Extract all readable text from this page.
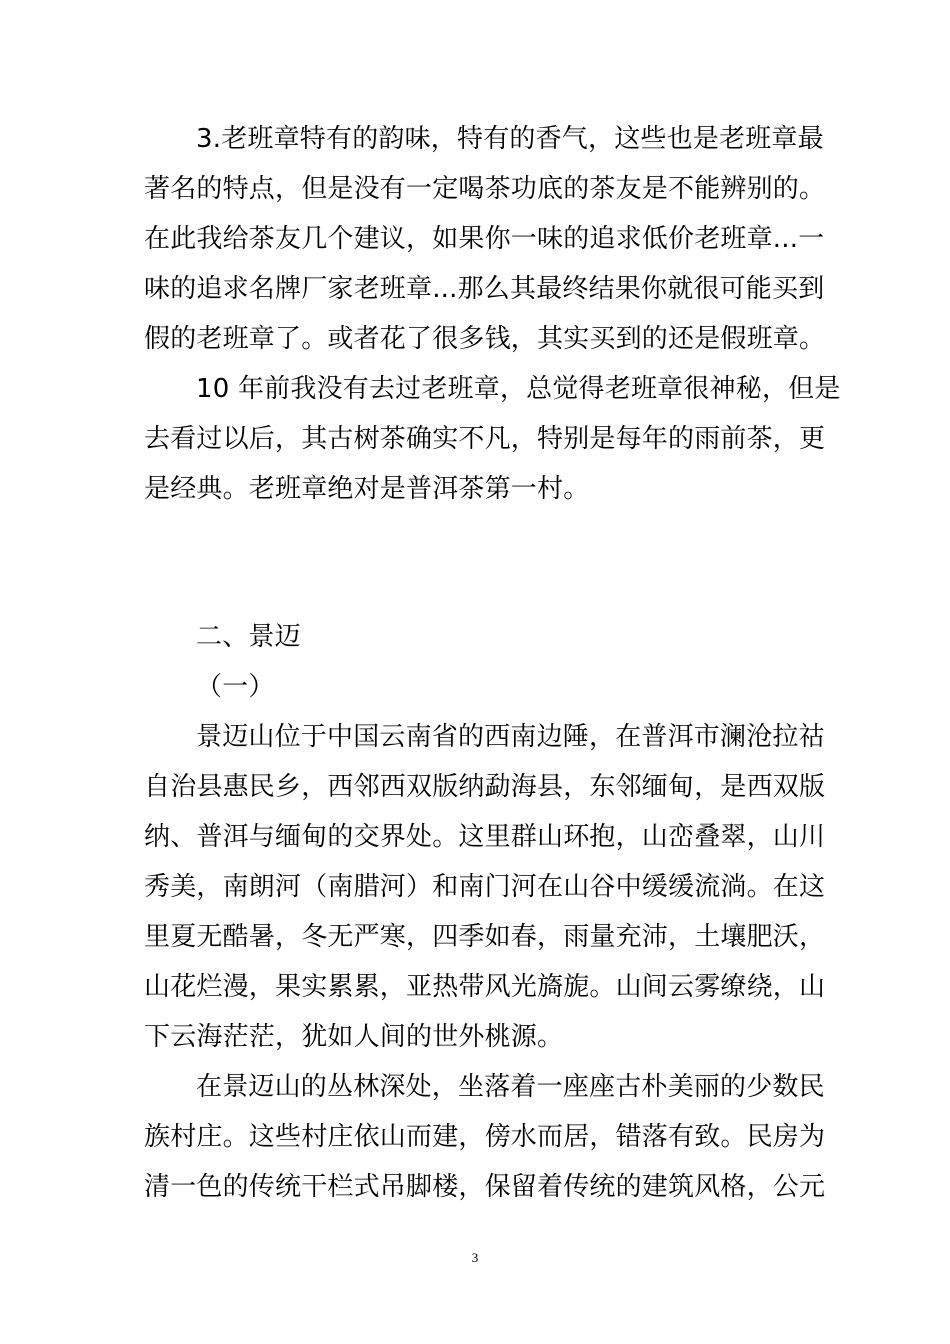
3.老班章特有的韵味，特有的香气，这些也是老班章最
著名的特点，但是没有一定喝茶功底的茶友是不能辨别的。
在此我给茶友几个建议，如果你一味的追求低价老班章...一
味的追求名牌厂家老班章...那么其最终结果你就很可能买到
假的老班章了。或者花了很多钱，其实买到的还是假班章。
10 年前我没有去过老班章，总觉得老班章很神秘，但是
去看过以后，其古树茶确实不凡，特别是每年的雨前茶，更
是经典。老班章绝对是普洱茶第一村。
二、景迈
（一）
景迈山位于中国云南省的西南边陲，在普洱市澜沧拉祜
自治县惠民乡，西邻西双版纳勐海县，东邻缅甸，是西双版
纳、普洱与缅甸的交界处。这里群山环抱，山峦叠翠，山川
秀美，南朗河（南腊河）和南门河在山谷中缓缓流淌。在这
里夏无酷暑，冬无严寒，四季如春，雨量充沛，土壤肥沃，
山花烂漫，果实累累，亚热带风光旖旎。山间云雾缭绕，山
下云海茫茫，犹如人间的世外桃源。
在景迈山的丛林深处，坐落着一座座古朴美丽的少数民
族村庄。这些村庄依山而建，傍水而居，错落有致。民房为
清一色的传统干栏式吊脚楼，保留着传统的建筑风格，公元
3
